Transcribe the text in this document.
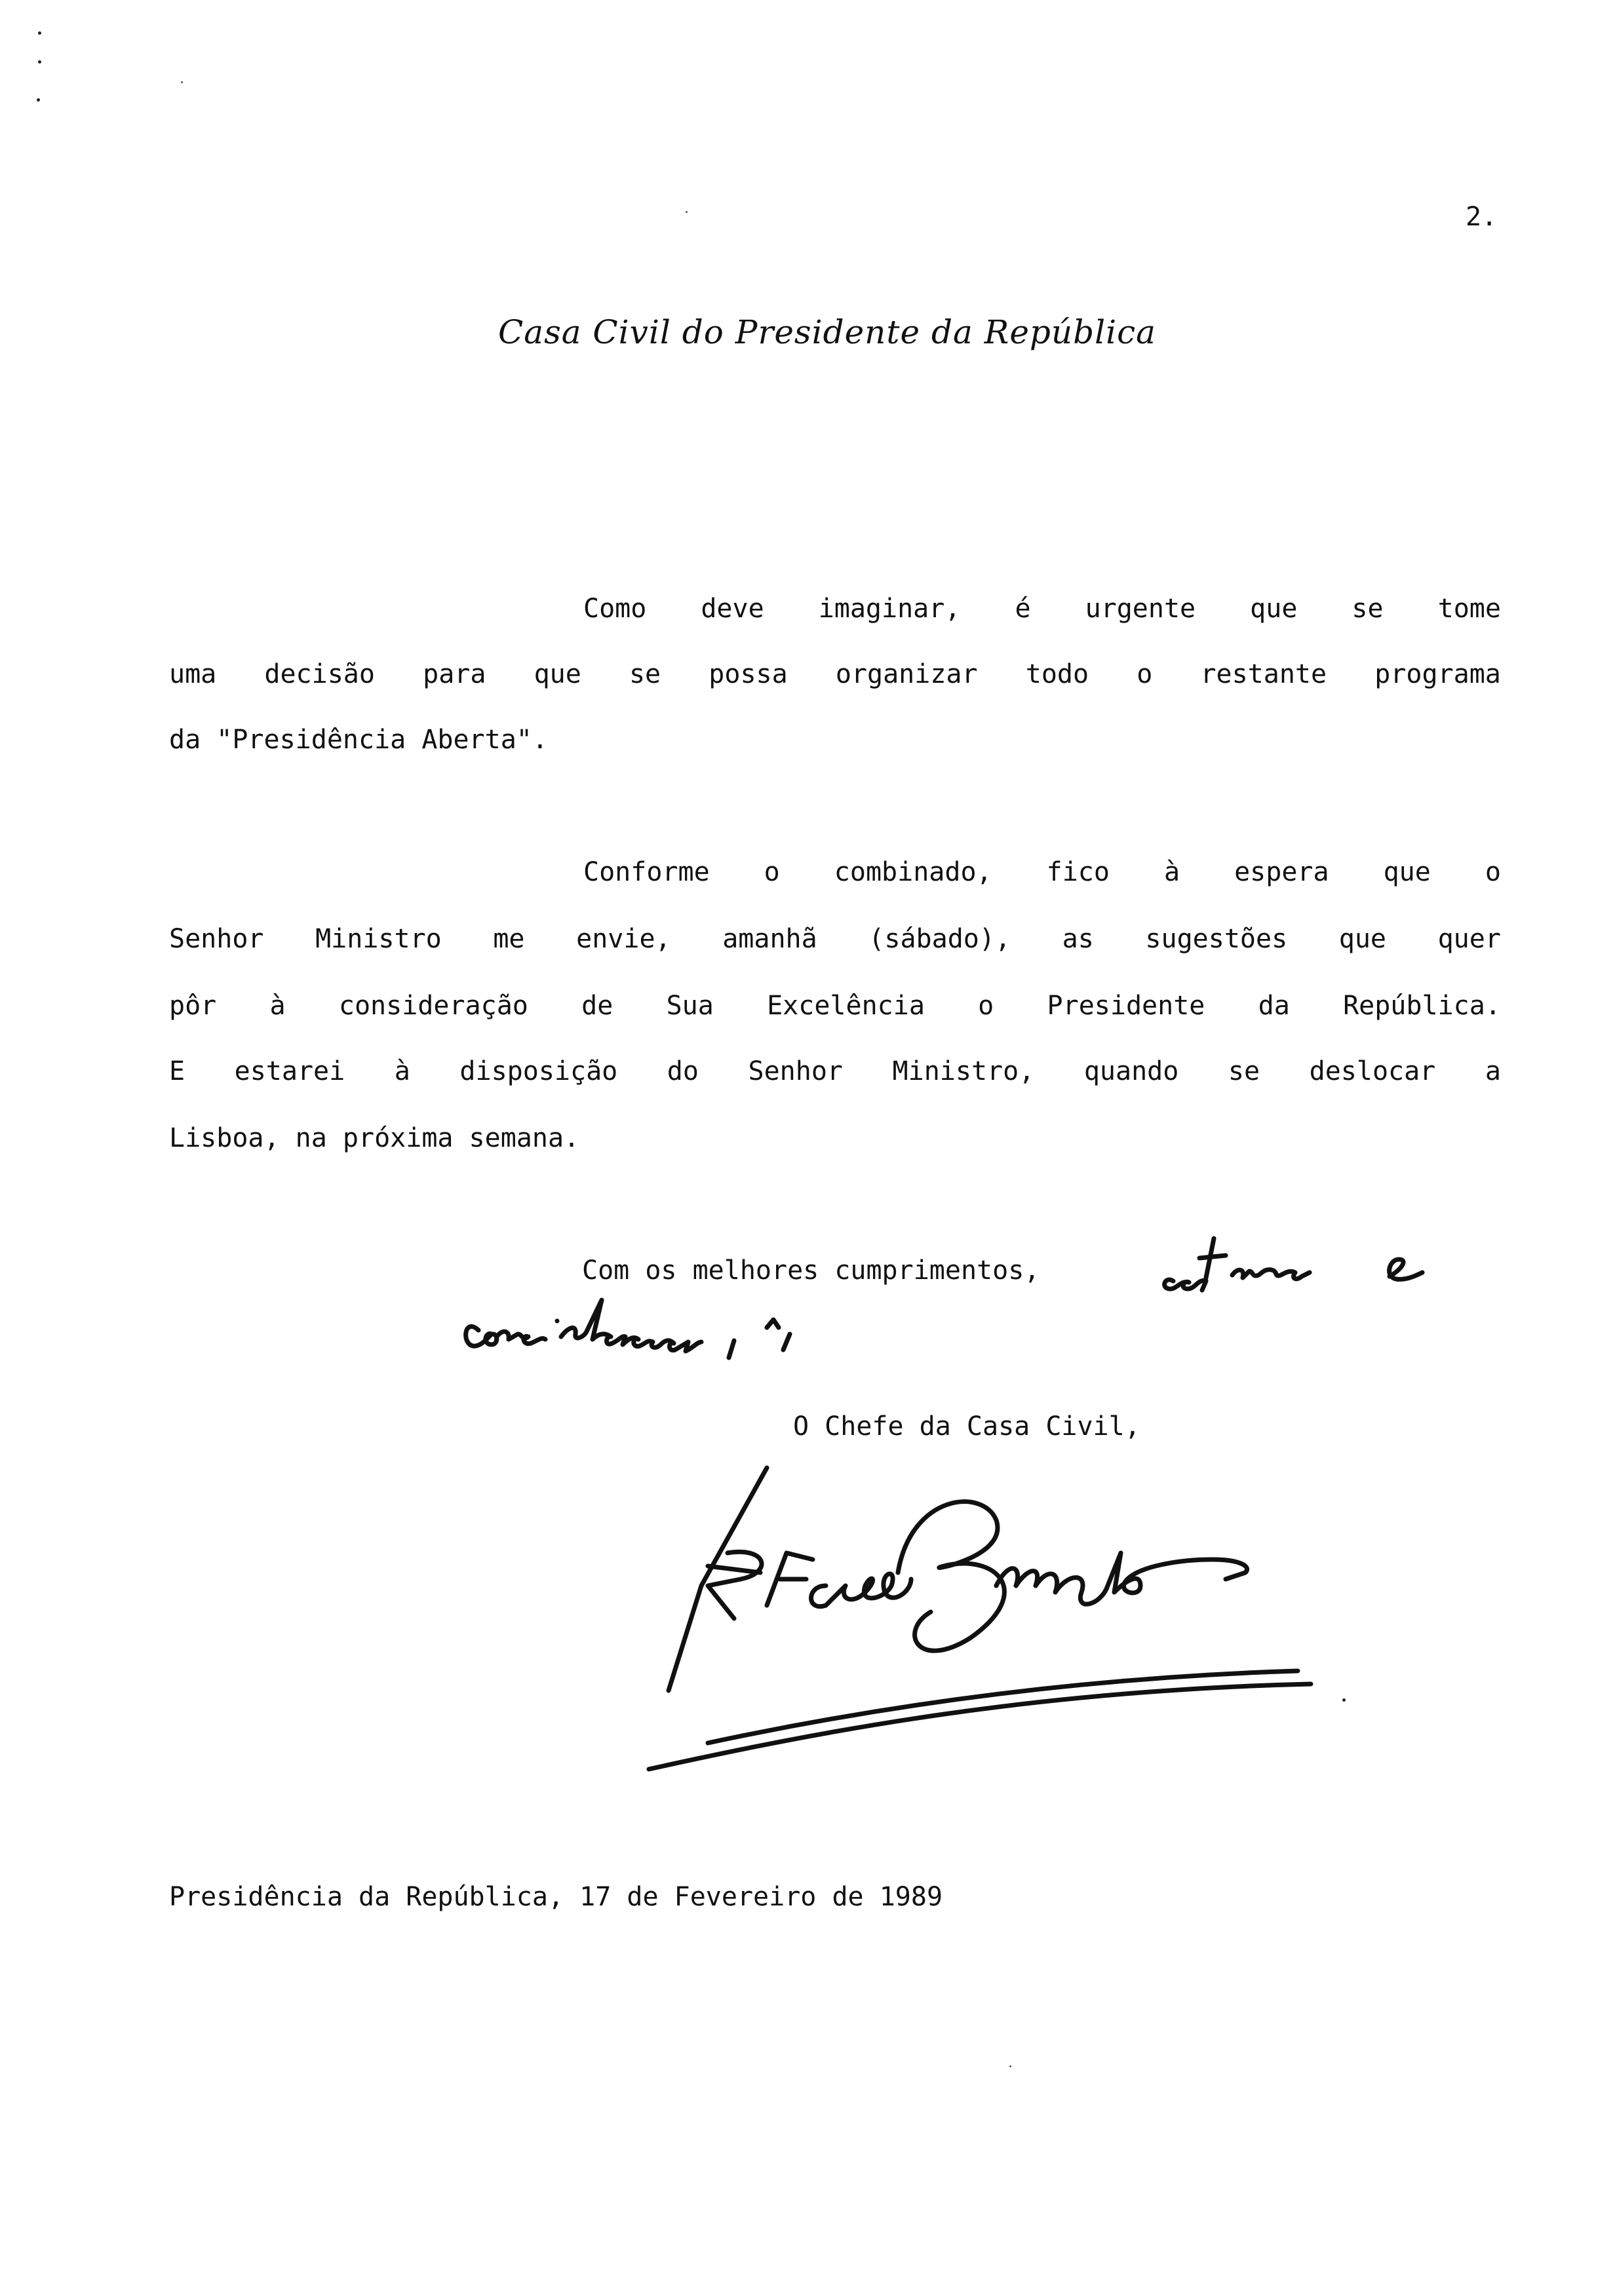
2.
Casa Civil do Presidente da República
Como deve imaginar, é urgente que se tome
uma decisão para que se possa organizar todo o restante programa
da "Presidência Aberta".
Conforme o combinado, fico à espera que o
Senhor Ministro me envie, amanhã (sábado), as sugestões que quer
pôr à consideração de Sua Excelência o Presidente da República.
E estarei à disposição do Senhor Ministro, quando se deslocar a
Lisboa, na próxima semana.
Com os melhores cumprimentos,
O Chefe da Casa Civil,
Presidência da República, 17 de Fevereiro de 1989
